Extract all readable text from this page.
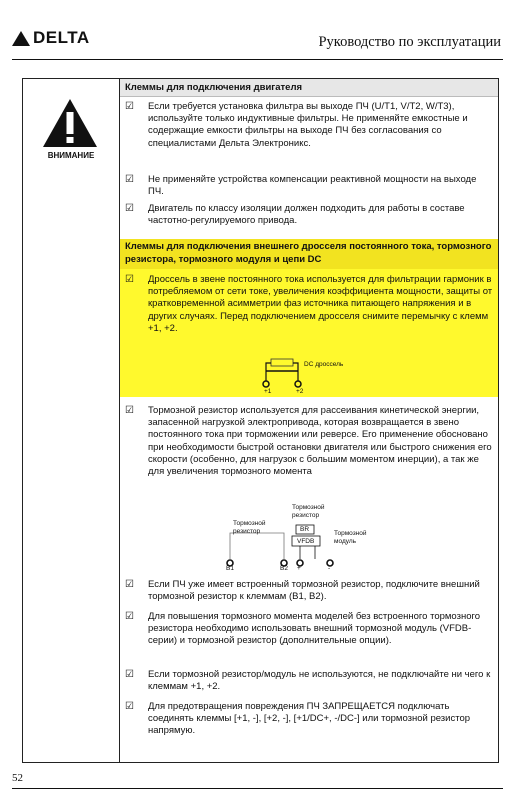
DELTA	Руководство по эксплуатации
ВНИМАНИЕ
Клеммы для подключения двигателя
☑ Если требуется установка фильтра вы выходе ПЧ (U/T1, V/T2, W/T3), используйте только индуктивные фильтры. Не применяйте емкостные и содержащие емкости фильтры на выходе ПЧ без согласования со специалистами Дельта Электроникс.
☑ Не применяйте устройства компенсации реактивной мощности на выходе ПЧ.
☑ Двигатель по классу изоляции должен подходить для работы в составе частотно-регулируемого привода.
Клеммы для подключения внешнего дросселя постоянного тока, тормозного резистора, тормозного модуля и цепи DC
☑ Дроссель в звене постоянного тока используется для фильтрации гармоник в потребляемом от сети токе, увеличения коэффициента мощности, защиты от кратковременной асимметрии фаз источника питающего напряжения и в других случаях. Перед подключением дросселя снимите перемычку с клемм +1, +2.
DC дроссель
+1	+2
☑ Тормозной резистор используется для рассеивания кинетической энергии, запасенной нагрузкой электропривода, которая возвращается в звено постоянного тока при торможении или реверсе. Его применение обосновано при необходимости быстрой остановки двигателя или быстрого снижения его скорости (особенно, для нагрузок с большим моментом инерции), а так же для увеличения тормозного момента
Тормозной резистор
Тормозной резистор
BR
VFDB
Тормозной модуль
B1	B2 +	-
☑ Если ПЧ уже имеет встроенный тормозной резистор, подключите внешний тормозной резистор к клеммам (B1, B2).
☑ Для повышения тормозного момента моделей без встроенного тормозного резистора необходимо использовать внешний тормозной модуль (VFDB-серии) и тормозной резистор (дополнительные опции).
☑ Если тормозной резистор/модуль не используются, не подключайте ни чего к клеммам +1, +2.
☑ Для предотвращения повреждения ПЧ ЗАПРЕЩАЕТСЯ подключать соединять клеммы [+1, -], [+2, -], [+1/DC+, -/DC-] или тормозной резистор напрямую.
52
